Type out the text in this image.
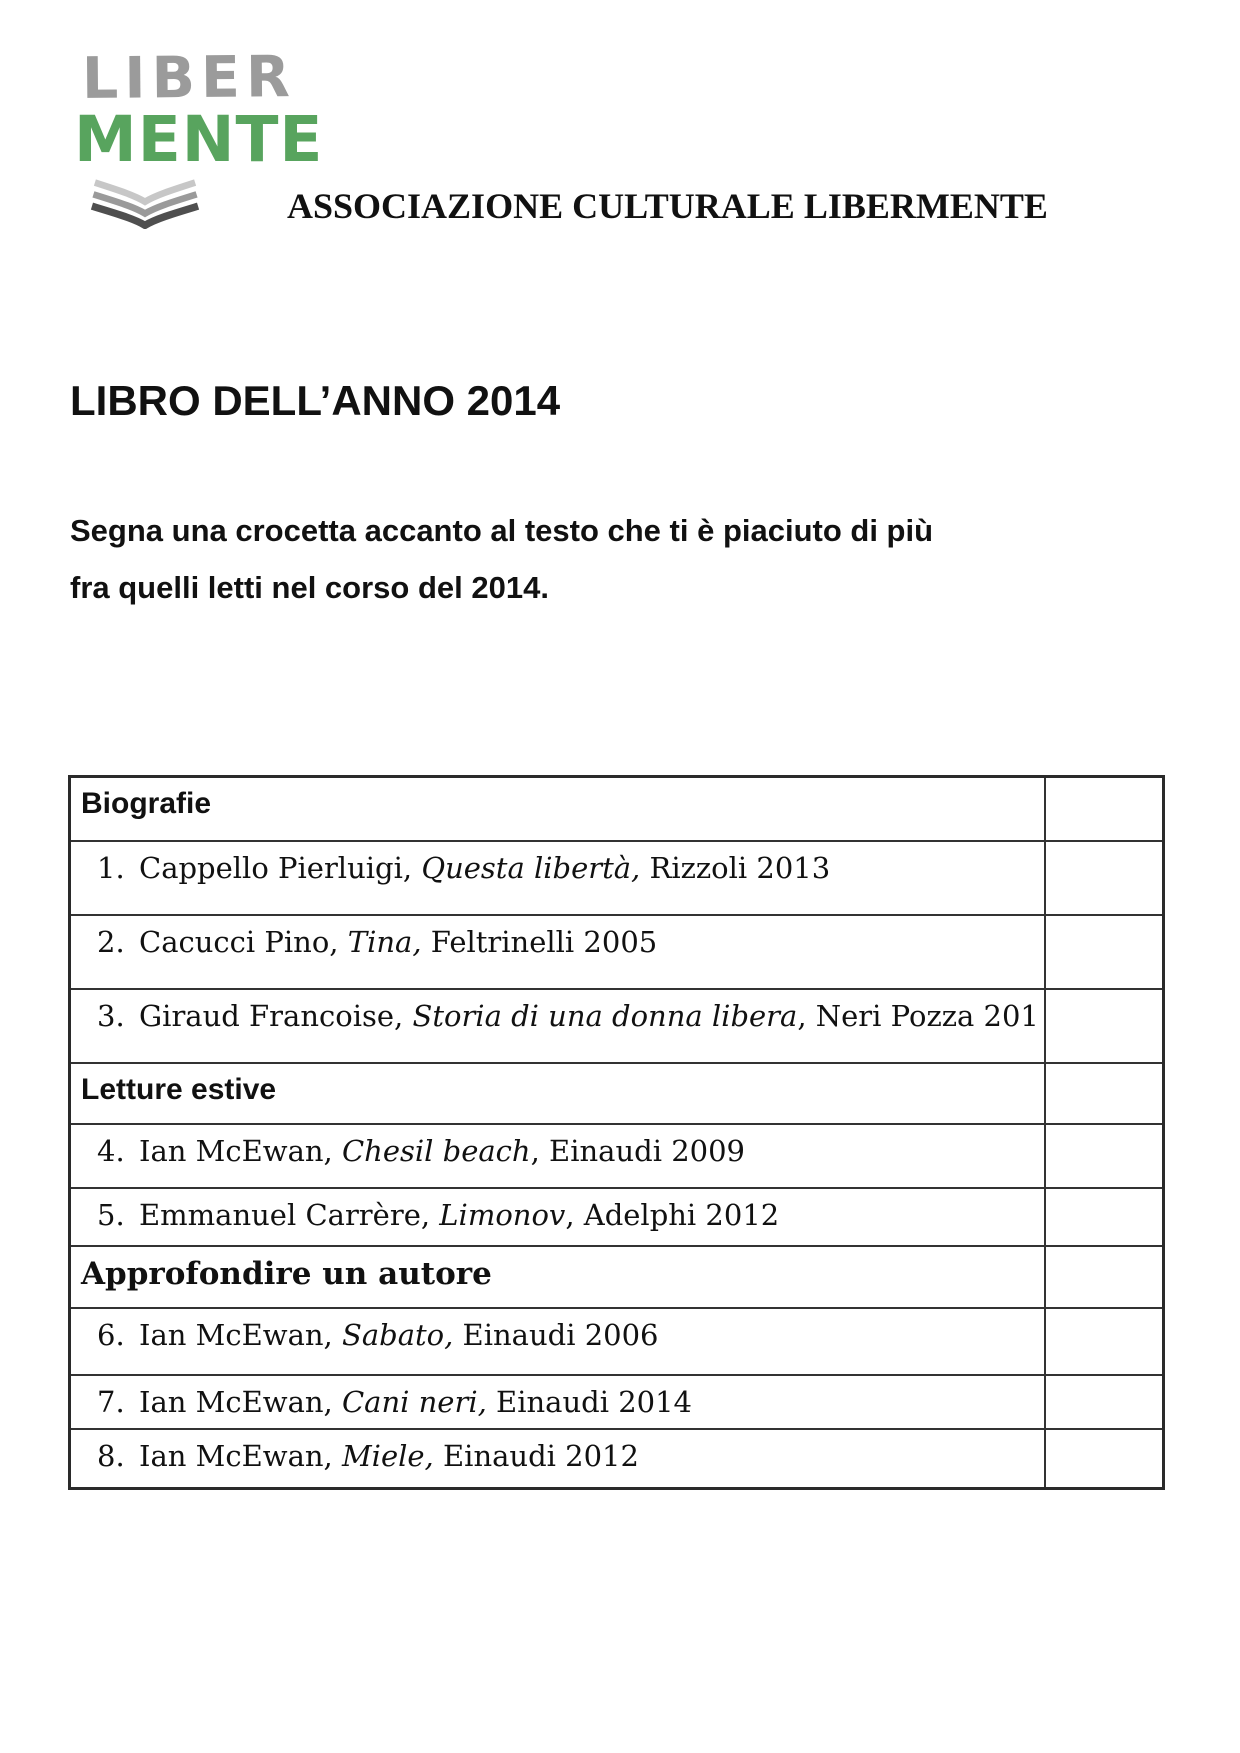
LIBER
MENTE
ASSOCIAZIONE CULTURALE LIBERMENTE
LIBRO DELL’ANNO 2014
Segna una crocetta accanto al testo che ti è piaciuto di più
fra quelli letti nel corso del 2014.
Biografie	
1. Cappello Pierluigi, Questa libertà, Rizzoli 2013	
2. Cacucci Pino, Tina, Feltrinelli 2005	
3. Giraud Francoise, Storia di una donna libera, Neri Pozza 201	
Letture estive	
4. Ian McEwan, Chesil beach, Einaudi 2009	
5. Emmanuel Carrère, Limonov, Adelphi 2012	
Approfondire un autore	
6. Ian McEwan, Sabato, Einaudi 2006	
7. Ian McEwan, Cani neri, Einaudi 2014	
8. Ian McEwan, Miele, Einaudi 2012	
